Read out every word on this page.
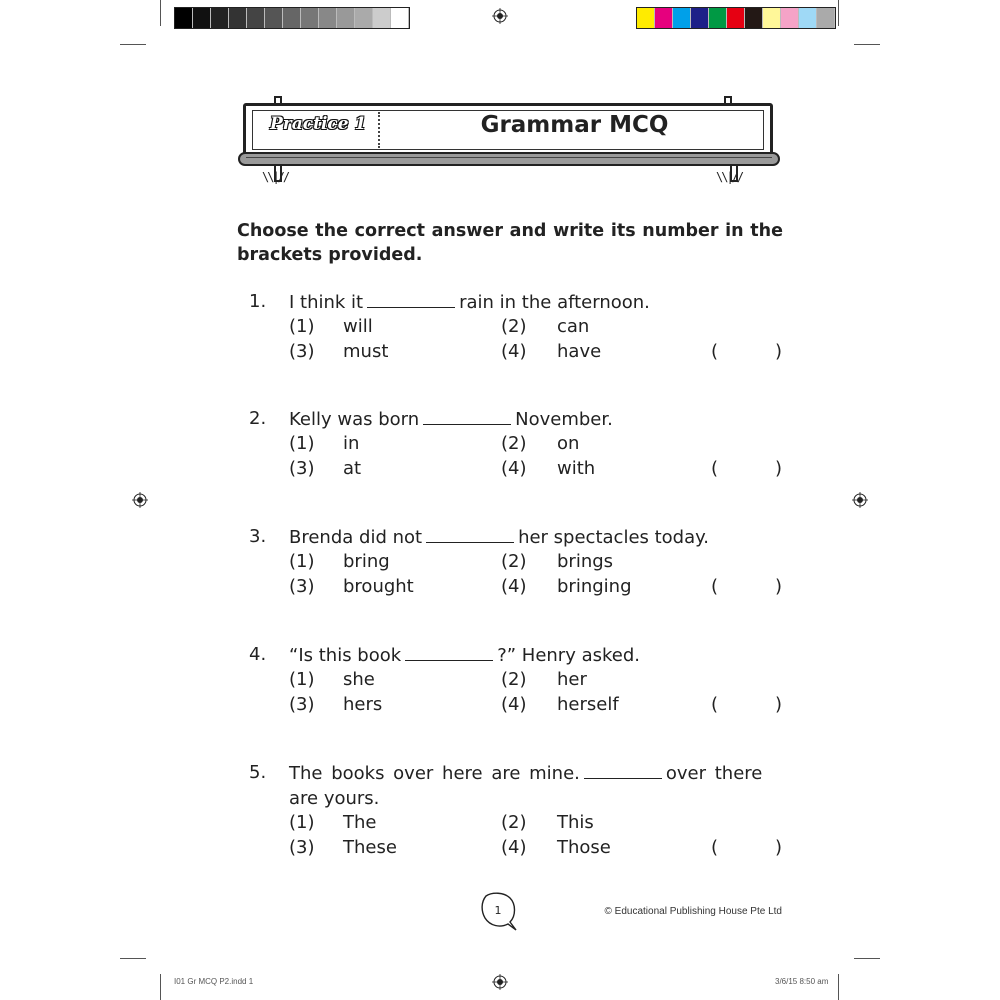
Practice 1	Grammar MCQ
\\|//	\\|//
Choose the correct answer and write its number in the brackets provided.
1. I think it	rain in the afternoon.
(1) will	(2) can
(3) must	(4) have	(	)
2. Kelly was born	November.
(1) in	(2) on
(3) at	(4) with	(	)
3. Brenda did not	her spectacles today.
(1) bring	(2) brings
(3) brought	(4) bringing	(	)
4. “Is this book	?” Henry asked.
(1) she	(2) her
(3) hers	(4) herself	(	)
5. The books over here are mine.	over there
are yours.
(1) The	(2) This
(3) These	(4) Those	(	)
1	© Educational Publishing House Pte Ltd
I01 Gr MCQ P2.indd 1	3/6/15 8:50 am
